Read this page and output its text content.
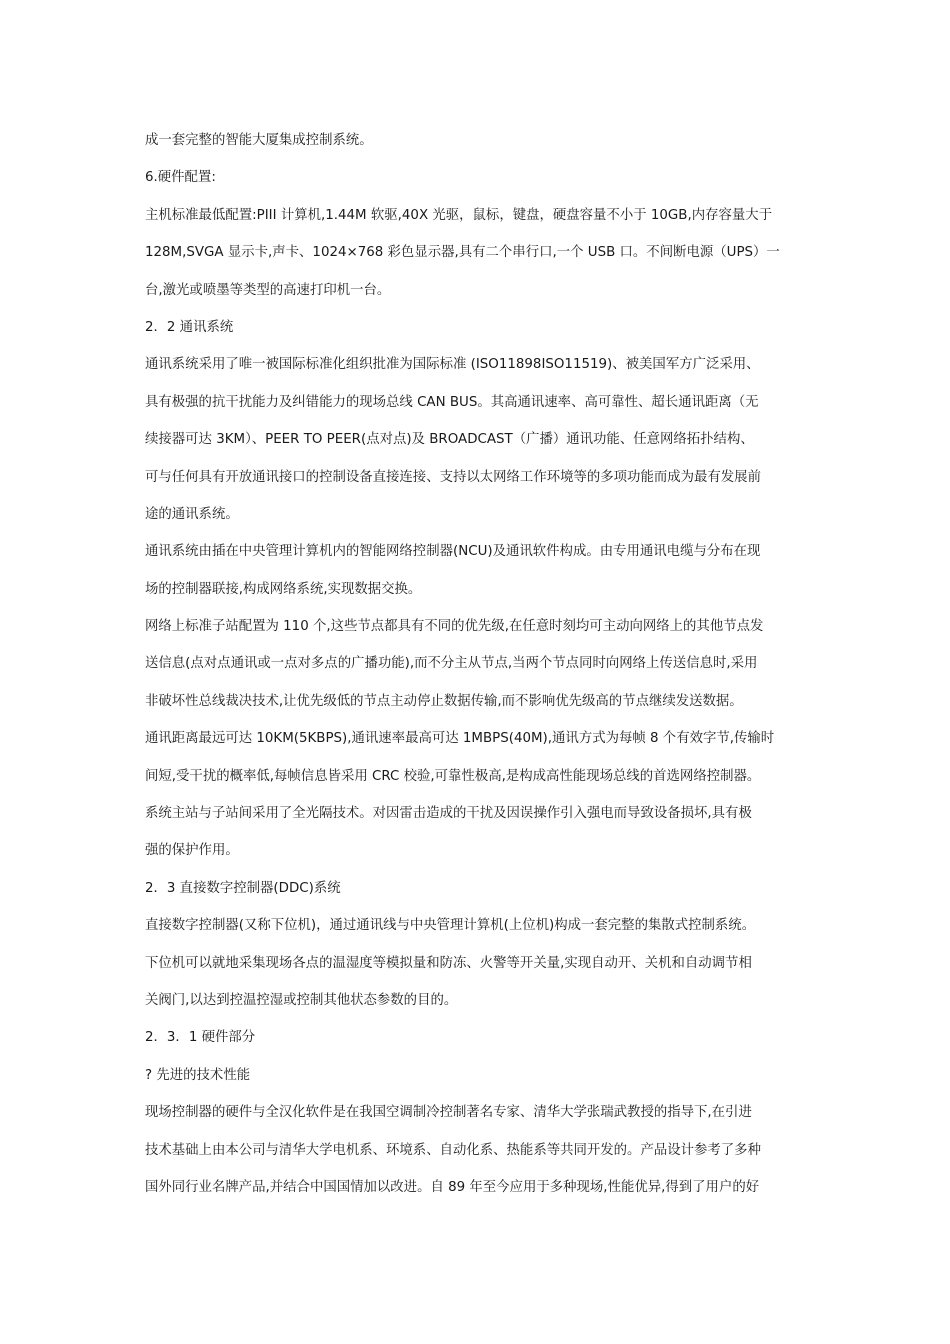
成一套完整的智能大厦集成控制系统。
6.硬件配置:
主机标准最低配置:PIII 计算机,1.44M 软驱,40X 光驱，鼠标，键盘，硬盘容量不小于 10GB,内存容量大于
128M,SVGA 显示卡,声卡、1024×768 彩色显示器,具有二个串行口,一个 USB 口。不间断电源（UPS）一
台,激光或喷墨等类型的高速打印机一台。
2．2 通讯系统
通讯系统采用了唯一被国际标准化组织批准为国际标准 (ISO11898ISO11519)、被美国军方广泛采用、
具有极强的抗干扰能力及纠错能力的现场总线 CAN BUS。其高通讯速率、高可靠性、超长通讯距离（无
续接器可达 3KM）、PEER TO PEER(点对点)及 BROADCAST（广播）通讯功能、任意网络拓扑结构、
可与任何具有开放通讯接口的控制设备直接连接、支持以太网络工作环境等的多项功能而成为最有发展前
途的通讯系统。
通讯系统由插在中央管理计算机内的智能网络控制器(NCU)及通讯软件构成。由专用通讯电缆与分布在现
场的控制器联接,构成网络系统,实现数据交换。
网络上标准子站配置为 110 个,这些节点都具有不同的优先级,在任意时刻均可主动向网络上的其他节点发
送信息(点对点通讯或一点对多点的广播功能),而不分主从节点,当两个节点同时向网络上传送信息时,采用
非破坏性总线裁决技术,让优先级低的节点主动停止数据传输,而不影响优先级高的节点继续发送数据。
通讯距离最远可达 10KM(5KBPS),通讯速率最高可达 1MBPS(40M),通讯方式为每帧 8 个有效字节,传输时
间短,受干扰的概率低,每帧信息皆采用 CRC 校验,可靠性极高,是构成高性能现场总线的首选网络控制器。
系统主站与子站间采用了全光隔技术。对因雷击造成的干扰及因误操作引入强电而导致设备损坏,具有极
强的保护作用。
2．3 直接数字控制器(DDC)系统
直接数字控制器(又称下位机)，通过通讯线与中央管理计算机(上位机)构成一套完整的集散式控制系统。
下位机可以就地采集现场各点的温湿度等模拟量和防冻、火警等开关量,实现自动开、关机和自动调节相
关阀门,以达到控温控湿或控制其他状态参数的目的。
2．3．1 硬件部分
? 先进的技术性能
现场控制器的硬件与全汉化软件是在我国空调制冷控制著名专家、清华大学张瑞武教授的指导下,在引进
技术基础上由本公司与清华大学电机系、环境系、自动化系、热能系等共同开发的。产品设计参考了多种
国外同行业名牌产品,并结合中国国情加以改进。自 89 年至今应用于多种现场,性能优异,得到了用户的好
